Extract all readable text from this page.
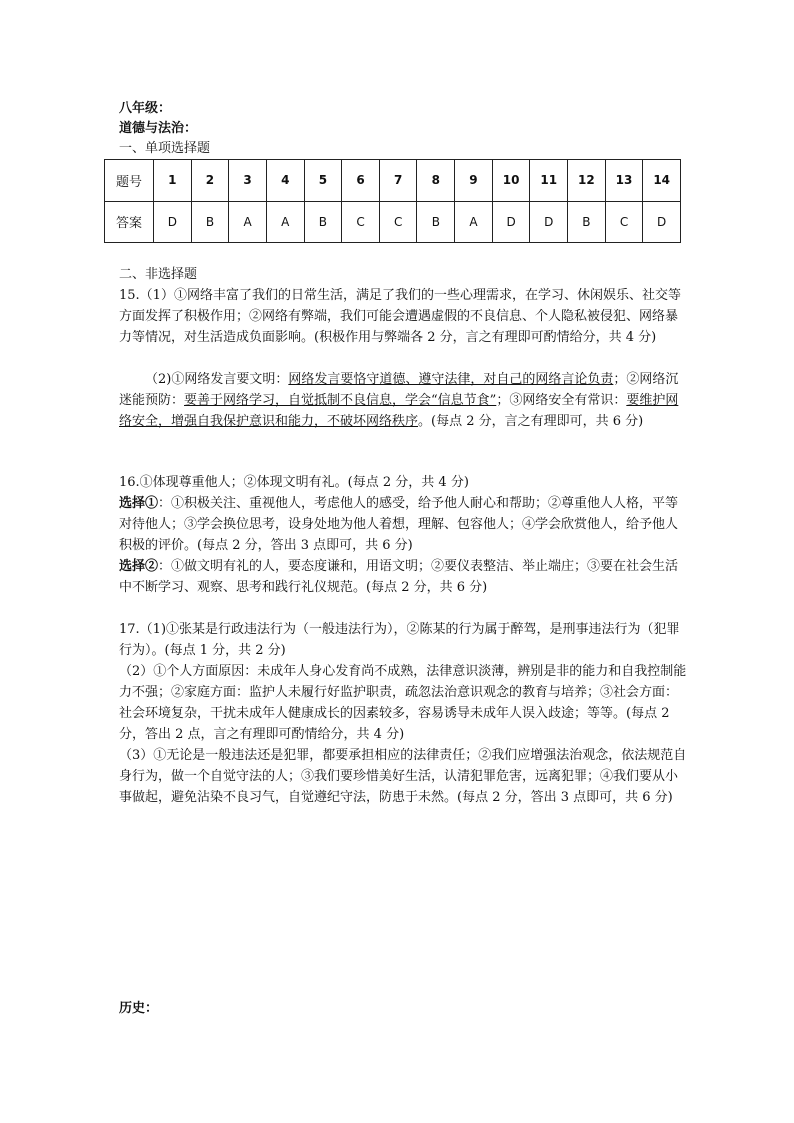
八年级：
道德与法治：
一、单项选择题
题号	1	2	3	4	5	6	7	8	9	10	11	12	13	14
答案	D	B	A	A	B	C	C	B	A	D	D	B	C	D
二、非选择题
15.（1）①网络丰富了我们的日常生活，满足了我们的一些心理需求，在学习、休闲娱乐、社交等方面发挥了积极作用；②网络有弊端，我们可能会遭遇虚假的不良信息、个人隐私被侵犯、网络暴力等情况，对生活造成负面影响。(积极作用与弊端各 2 分，言之有理即可酌情给分，共 4 分)
（2)①网络发言要文明：网络发言要恪守道德、遵守法律，对自己的网络言论负责；②网络沉迷能预防：要善于网络学习，自觉抵制不良信息，学会“信息节食”；③网络安全有常识：要维护网络安全，增强自我保护意识和能力，不破坏网络秩序。(每点 2 分，言之有理即可，共 6 分)
16.①体现尊重他人；②体现文明有礼。(每点 2 分，共 4 分)
选择①：①积极关注、重视他人，考虑他人的感受，给予他人耐心和帮助；②尊重他人人格，平等对待他人；③学会换位思考，设身处地为他人着想，理解、包容他人；④学会欣赏他人，给予他人积极的评价。(每点 2 分，答出 3 点即可，共 6 分)
选择②：①做文明有礼的人，要态度谦和，用语文明；②要仪表整洁、举止端庄；③要在社会生活中不断学习、观察、思考和践行礼仪规范。(每点 2 分，共 6 分)
17.（1)①张某是行政违法行为（一般违法行为），②陈某的行为属于醉驾，是刑事违法行为（犯罪行为）。(每点 1 分，共 2 分)
（2）①个人方面原因：未成年人身心发育尚不成熟，法律意识淡薄，辨别是非的能力和自我控制能力不强；②家庭方面：监护人未履行好监护职责，疏忽法治意识观念的教育与培养；③社会方面：社会环境复杂，干扰未成年人健康成长的因素较多，容易诱导未成年人误入歧途；等等。(每点 2 分，答出 2 点，言之有理即可酌情给分，共 4 分)
（3）①无论是一般违法还是犯罪，都要承担相应的法律责任；②我们应增强法治观念，依法规范自身行为，做一个自觉守法的人；③我们要珍惜美好生活，认清犯罪危害，远离犯罪；④我们要从小事做起，避免沾染不良习气，自觉遵纪守法，防患于未然。(每点 2 分，答出 3 点即可，共 6 分)
历史：
